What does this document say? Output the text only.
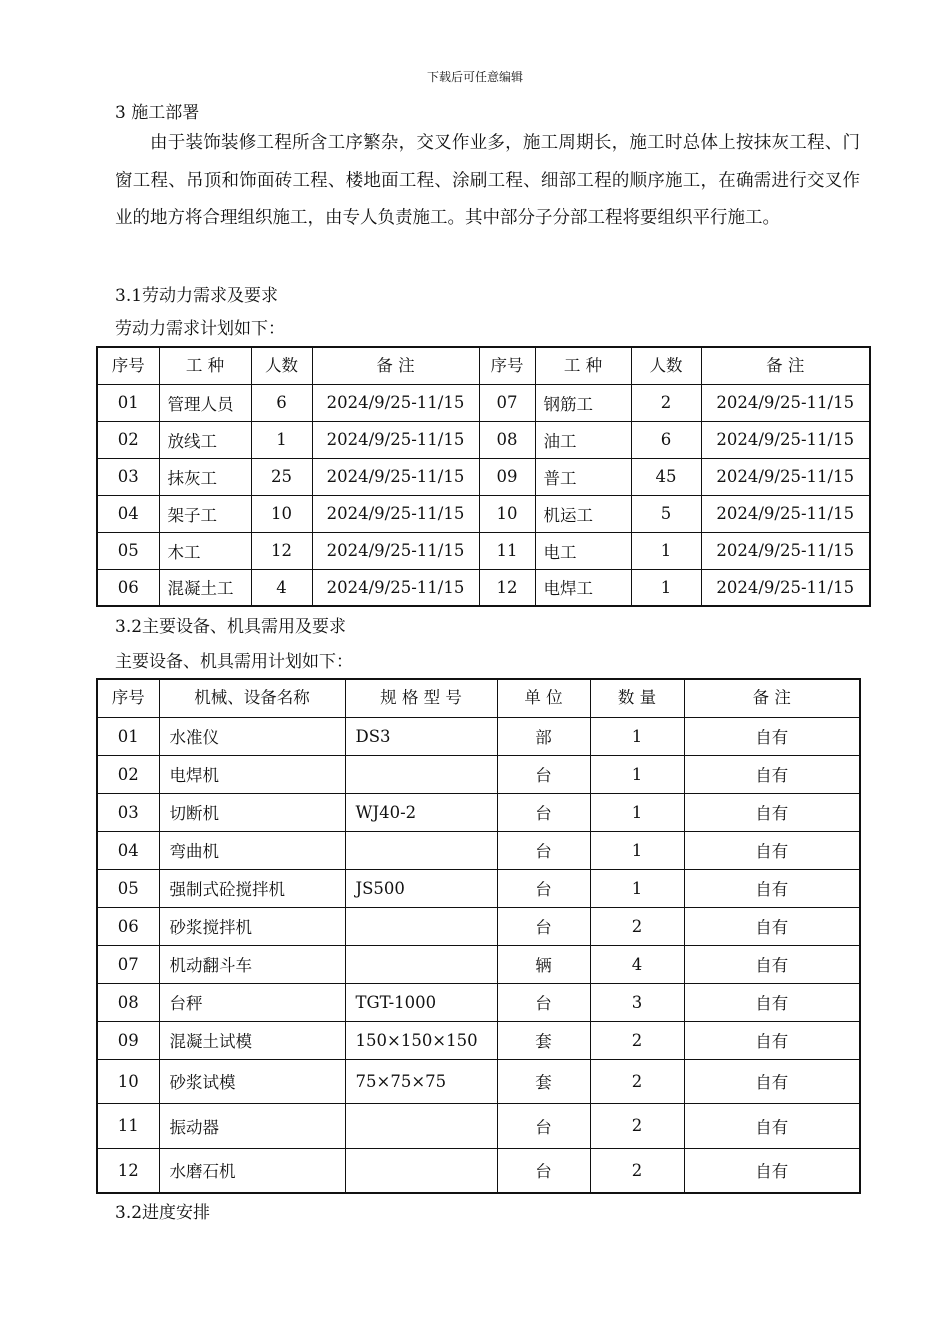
下载后可任意编辑
3 施工部署
由于装饰装修工程所含工序繁杂，交叉作业多，施工周期长，施工时总体上按抹灰工程、门窗工程、吊顶和饰面砖工程、楼地面工程、涂刷工程、细部工程的顺序施工，在确需进行交叉作业的地方将合理组织施工，由专人负责施工。其中部分子分部工程将要组织平行施工。
3.1劳动力需求及要求
劳动力需求计划如下：
序号	工 种	人数	备 注	序号	工 种	人数	备 注
01	管理人员	6	2024/9/25-11/15	07	钢筋工	2	2024/9/25-11/15
02	放线工	1	2024/9/25-11/15	08	油工	6	2024/9/25-11/15
03	抹灰工	25	2024/9/25-11/15	09	普工	45	2024/9/25-11/15
04	架子工	10	2024/9/25-11/15	10	机运工	5	2024/9/25-11/15
05	木工	12	2024/9/25-11/15	11	电工	1	2024/9/25-11/15
06	混凝土工	4	2024/9/25-11/15	12	电焊工	1	2024/9/25-11/15
3.2主要设备、机具需用及要求
主要设备、机具需用计划如下：
序号	机械、设备名称	规 格 型 号	单 位	数 量	备 注
01	水准仪	DS3	部	1	自有
02	电焊机		台	1	自有
03	切断机	WJ40-2	台	1	自有
04	弯曲机		台	1	自有
05	强制式砼搅拌机	JS500	台	1	自有
06	砂浆搅拌机		台	2	自有
07	机动翻斗车		辆	4	自有
08	台秤	TGT-1000	台	3	自有
09	混凝土试模	150×150×150	套	2	自有
10	砂浆试模	75×75×75	套	2	自有
11	振动器		台	2	自有
12	水磨石机		台	2	自有
3.2进度安排
